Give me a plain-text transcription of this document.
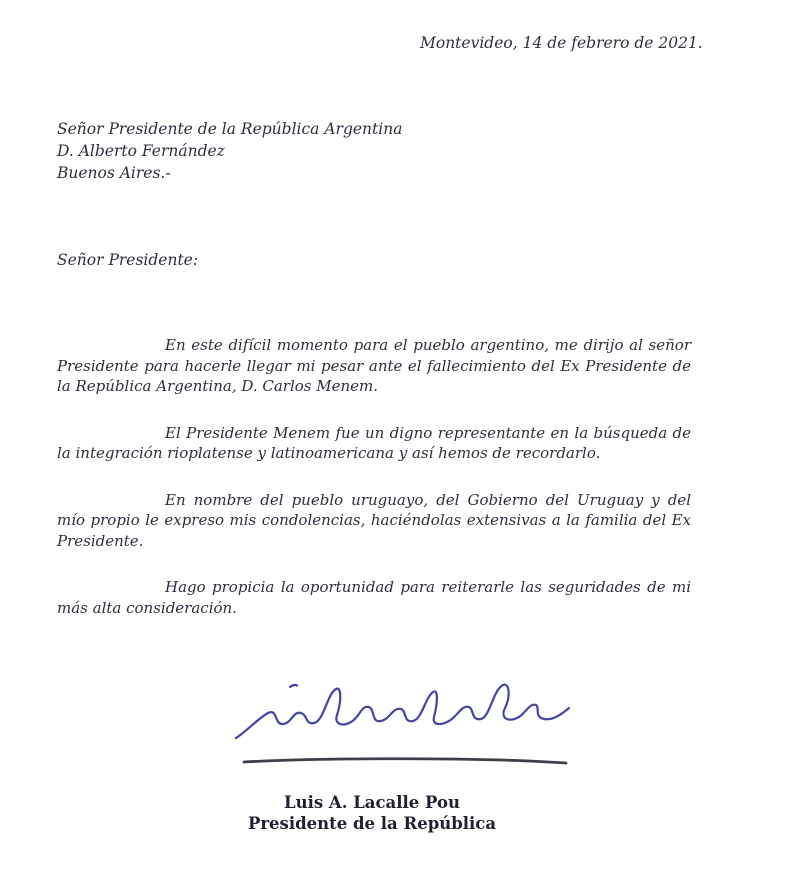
Montevideo, 14 de febrero de 2021.
Señor Presidente de la República Argentina
D. Alberto Fernández
Buenos Aires.-
Señor Presidente:

En este difícil momento para el pueblo argentino, me dirijo al señor Presidente para hacerle llegar mi pesar ante el fallecimiento del Ex Presidente de la República Argentina, D. Carlos Menem.

El Presidente Menem fue un digno representante en la búsqueda de la integración rioplatense y latinoamericana y así hemos de recordarlo.

En nombre del pueblo uruguayo, del Gobierno del Uruguay y del mío propio le expreso mis condolencias, haciéndolas extensivas a la familia del Ex Presidente.

Hago propicia la oportunidad para reiterarle las seguridades de mi más alta consideración.

Luis A. Lacalle Pou
Presidente de la República
